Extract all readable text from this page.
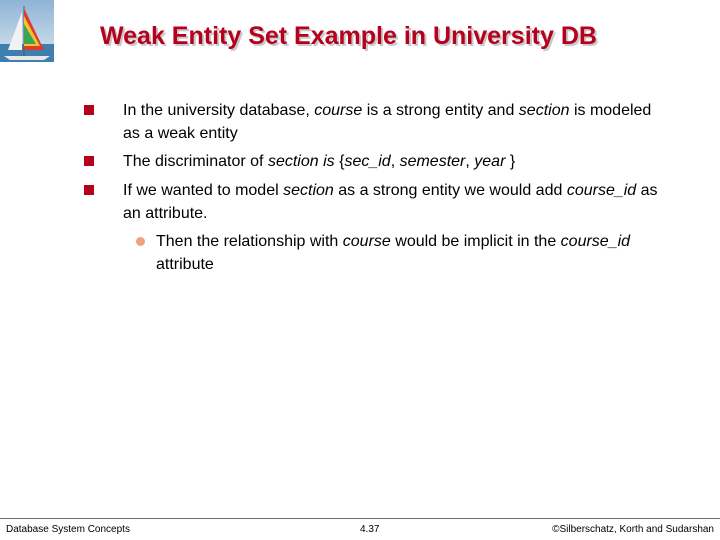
Weak Entity Set Example in University DB
In the university database, course is a strong entity and section is modeled as a weak entity
The discriminator of section is {sec_id, semester, year }
If we wanted to model section as a strong entity we would add course_id as an attribute.
Then the relationship with course would be implicit in the course_id attribute
Database System Concepts	4.37	©Silberschatz, Korth and Sudarshan
